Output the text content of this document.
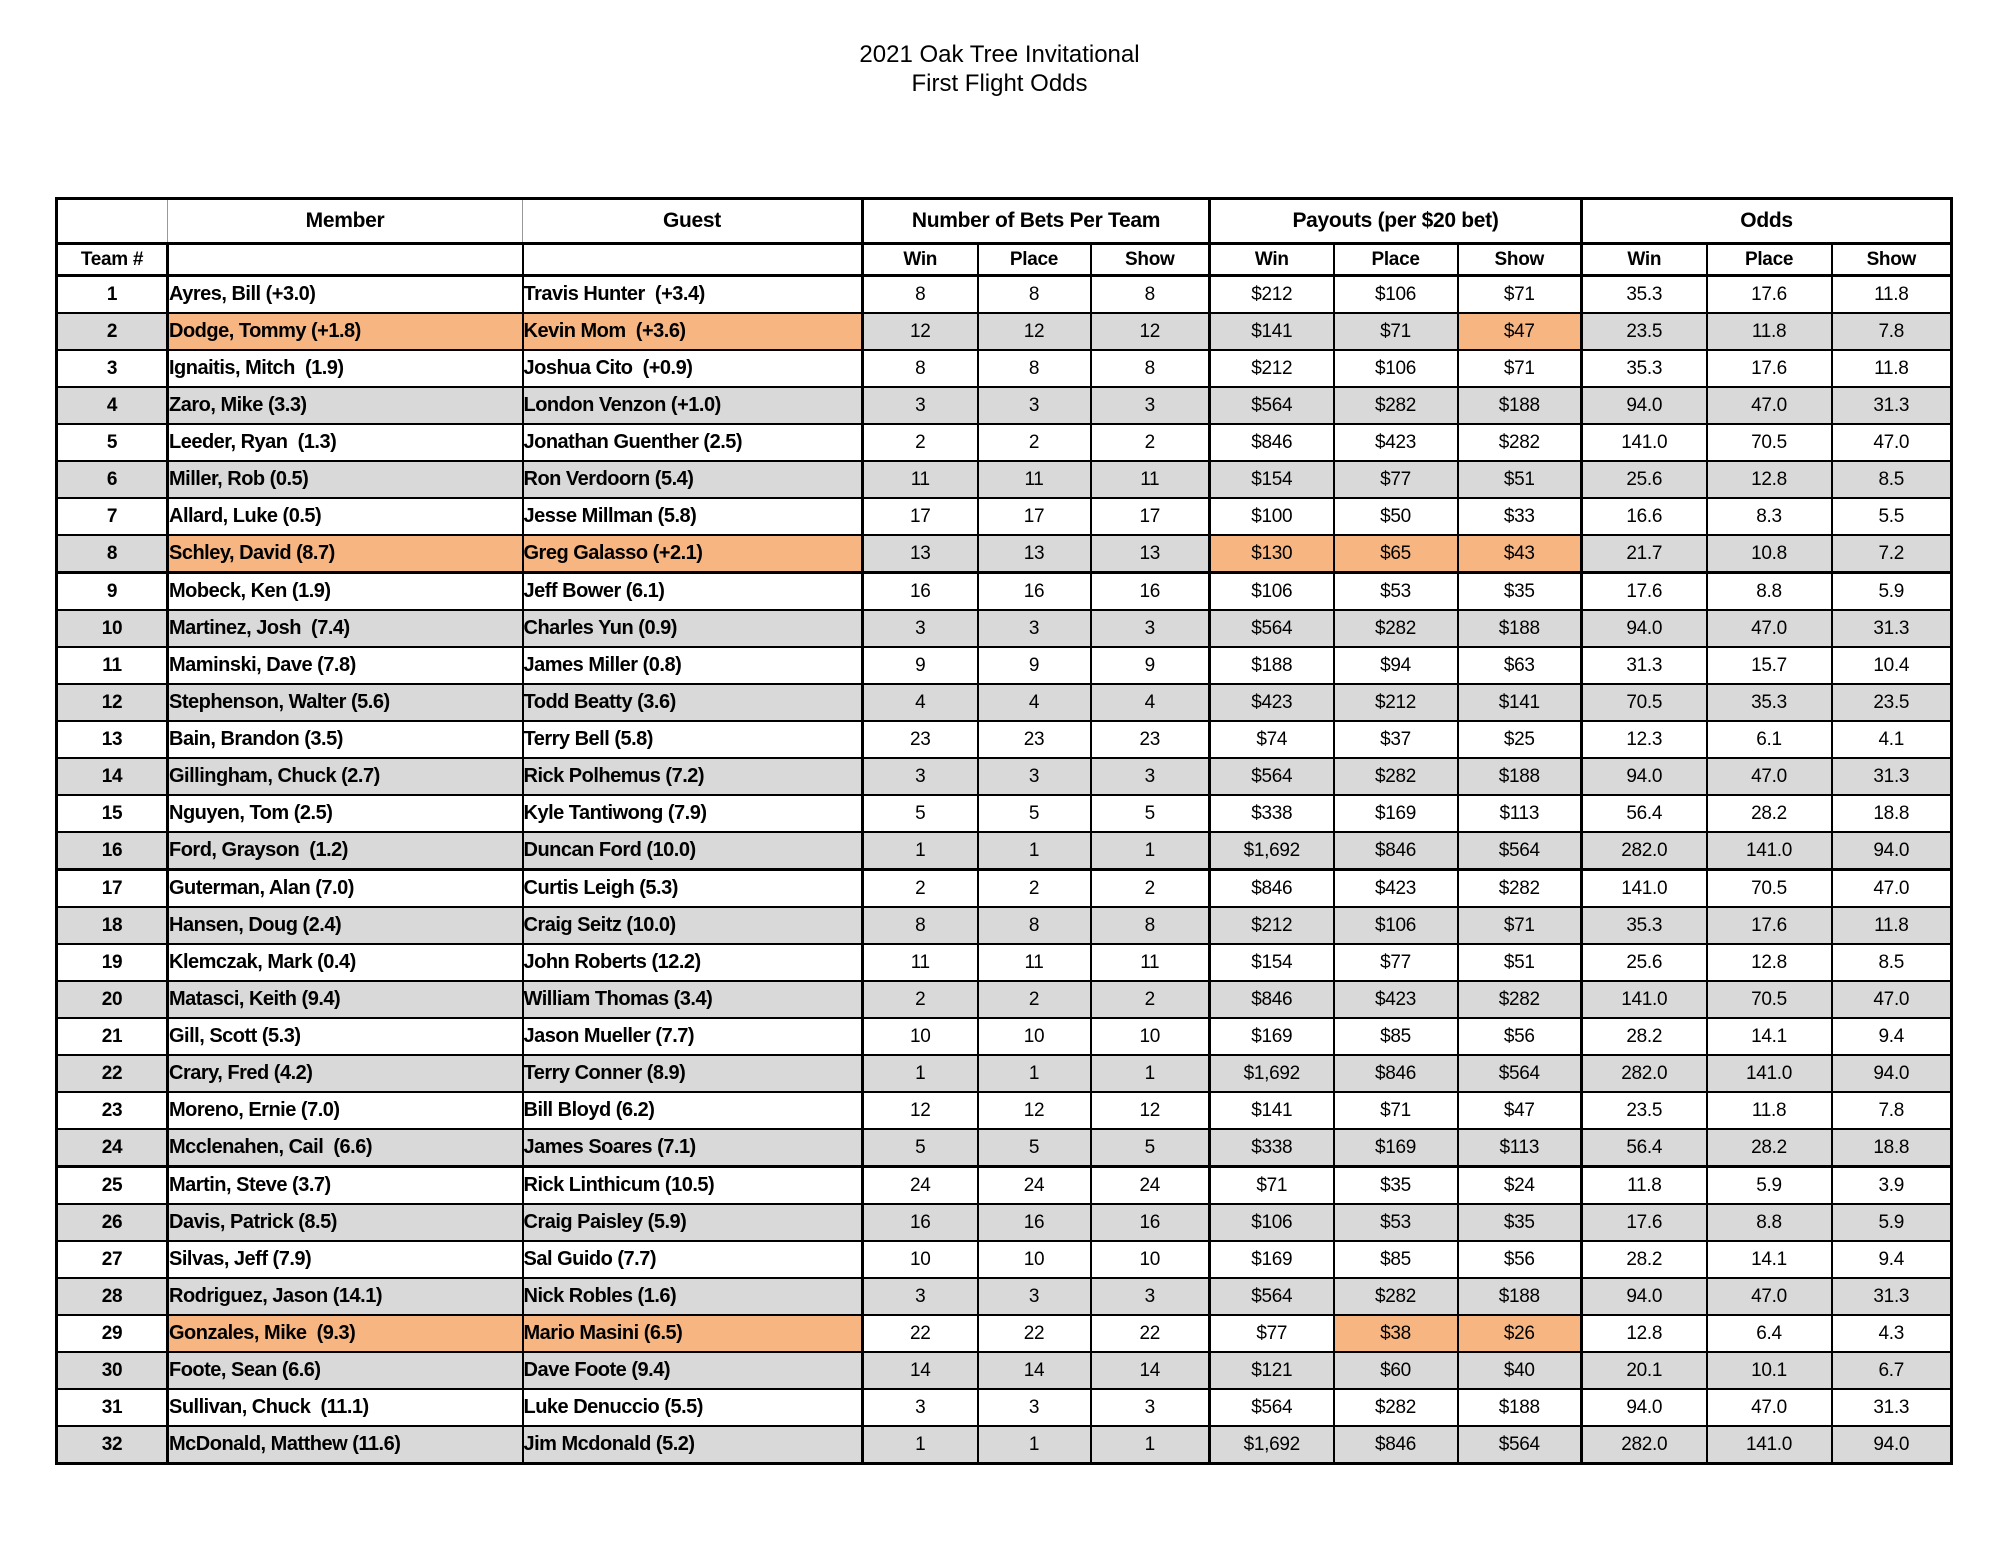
2021 Oak Tree Invitational
First Flight Odds
	Member	Guest	Number of Bets Per Team			Payouts (per $20 bet)			Odds		
Team #			Win	Place	Show	Win	Place	Show	Win	Place	Show
1	Ayres, Bill (+3.0)	Travis Hunter  (+3.4)	8	8	8	$212	$106	$71	35.3	17.6	11.8
2	Dodge, Tommy (+1.8)	Kevin Mom  (+3.6)	12	12	12	$141	$71	$47	23.5	11.8	7.8
3	Ignaitis, Mitch  (1.9)	Joshua Cito  (+0.9)	8	8	8	$212	$106	$71	35.3	17.6	11.8
4	Zaro, Mike (3.3)	London Venzon (+1.0)	3	3	3	$564	$282	$188	94.0	47.0	31.3
5	Leeder, Ryan  (1.3)	Jonathan Guenther (2.5)	2	2	2	$846	$423	$282	141.0	70.5	47.0
6	Miller, Rob (0.5)	Ron Verdoorn (5.4)	11	11	11	$154	$77	$51	25.6	12.8	8.5
7	Allard, Luke (0.5)	Jesse Millman (5.8)	17	17	17	$100	$50	$33	16.6	8.3	5.5
8	Schley, David (8.7)	Greg Galasso (+2.1)	13	13	13	$130	$65	$43	21.7	10.8	7.2
9	Mobeck, Ken (1.9)	Jeff Bower (6.1)	16	16	16	$106	$53	$35	17.6	8.8	5.9
10	Martinez, Josh  (7.4)	Charles Yun (0.9)	3	3	3	$564	$282	$188	94.0	47.0	31.3
11	Maminski, Dave (7.8)	James Miller (0.8)	9	9	9	$188	$94	$63	31.3	15.7	10.4
12	Stephenson, Walter (5.6)	Todd Beatty (3.6)	4	4	4	$423	$212	$141	70.5	35.3	23.5
13	Bain, Brandon (3.5)	Terry Bell (5.8)	23	23	23	$74	$37	$25	12.3	6.1	4.1
14	Gillingham, Chuck (2.7)	Rick Polhemus (7.2)	3	3	3	$564	$282	$188	94.0	47.0	31.3
15	Nguyen, Tom (2.5)	Kyle Tantiwong (7.9)	5	5	5	$338	$169	$113	56.4	28.2	18.8
16	Ford, Grayson  (1.2)	Duncan Ford (10.0)	1	1	1	$1,692	$846	$564	282.0	141.0	94.0
17	Guterman, Alan (7.0)	Curtis Leigh (5.3)	2	2	2	$846	$423	$282	141.0	70.5	47.0
18	Hansen, Doug (2.4)	Craig Seitz (10.0)	8	8	8	$212	$106	$71	35.3	17.6	11.8
19	Klemczak, Mark (0.4)	John Roberts (12.2)	11	11	11	$154	$77	$51	25.6	12.8	8.5
20	Matasci, Keith (9.4)	William Thomas (3.4)	2	2	2	$846	$423	$282	141.0	70.5	47.0
21	Gill, Scott (5.3)	Jason Mueller (7.7)	10	10	10	$169	$85	$56	28.2	14.1	9.4
22	Crary, Fred (4.2)	Terry Conner (8.9)	1	1	1	$1,692	$846	$564	282.0	141.0	94.0
23	Moreno, Ernie (7.0)	Bill Bloyd (6.2)	12	12	12	$141	$71	$47	23.5	11.8	7.8
24	Mcclenahen, Cail  (6.6)	James Soares (7.1)	5	5	5	$338	$169	$113	56.4	28.2	18.8
25	Martin, Steve (3.7)	Rick Linthicum (10.5)	24	24	24	$71	$35	$24	11.8	5.9	3.9
26	Davis, Patrick (8.5)	Craig Paisley (5.9)	16	16	16	$106	$53	$35	17.6	8.8	5.9
27	Silvas, Jeff (7.9)	Sal Guido (7.7)	10	10	10	$169	$85	$56	28.2	14.1	9.4
28	Rodriguez, Jason (14.1)	Nick Robles (1.6)	3	3	3	$564	$282	$188	94.0	47.0	31.3
29	Gonzales, Mike  (9.3)	Mario Masini (6.5)	22	22	22	$77	$38	$26	12.8	6.4	4.3
30	Foote, Sean (6.6)	Dave Foote (9.4)	14	14	14	$121	$60	$40	20.1	10.1	6.7
31	Sullivan, Chuck  (11.1)	Luke Denuccio (5.5)	3	3	3	$564	$282	$188	94.0	47.0	31.3
32	McDonald, Matthew (11.6)	Jim Mcdonald (5.2)	1	1	1	$1,692	$846	$564	282.0	141.0	94.0
